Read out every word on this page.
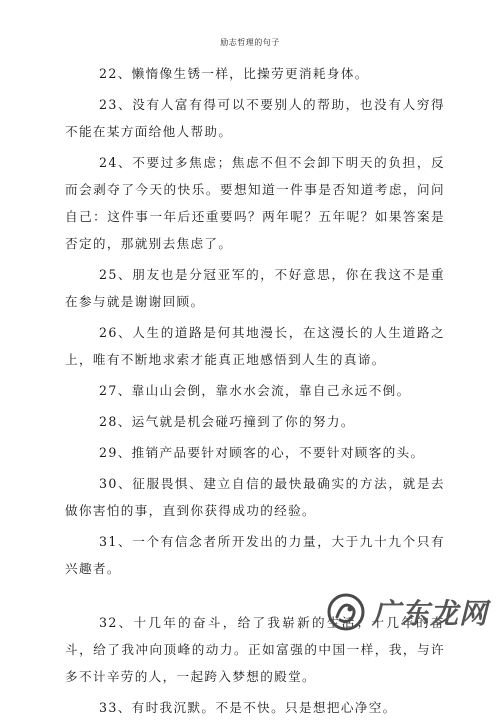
励志哲理的句子

22、懒惰像生锈一样，比操劳更消耗身体。

23、没有人富有得可以不要别人的帮助，也没有人穷得不能在某方面给他人帮助。

24、不要过多焦虑；焦虑不但不会卸下明天的负担，反而会剥夺了今天的快乐。要想知道一件事是否知道考虑，问问自己：这件事一年后还重要吗？两年呢？五年呢？如果答案是否定的，那就别去焦虑了。

25、朋友也是分冠亚军的，不好意思，你在我这不是重在参与就是谢谢回顾。

26、人生的道路是何其地漫长，在这漫长的人生道路之上，唯有不断地求索才能真正地感悟到人生的真谛。

27、靠山山会倒，靠水水会流，靠自己永远不倒。

28、运气就是机会碰巧撞到了你的努力。

29、推销产品要针对顾客的心，不要针对顾客的头。

30、征服畏惧、建立自信的最快最确实的方法，就是去做你害怕的事，直到你获得成功的经验。

31、一个有信念者所开发出的力量，大于九十九个只有兴趣者。

32、十几年的奋斗，给了我崭新的生活；十几年的奋斗，给了我冲向顶峰的动力。正如富强的中国一样，我，与许多不计辛劳的人，一起跨入梦想的殿堂。

33、有时我沉默。不是不快。只是想把心净空。

广东龙网
